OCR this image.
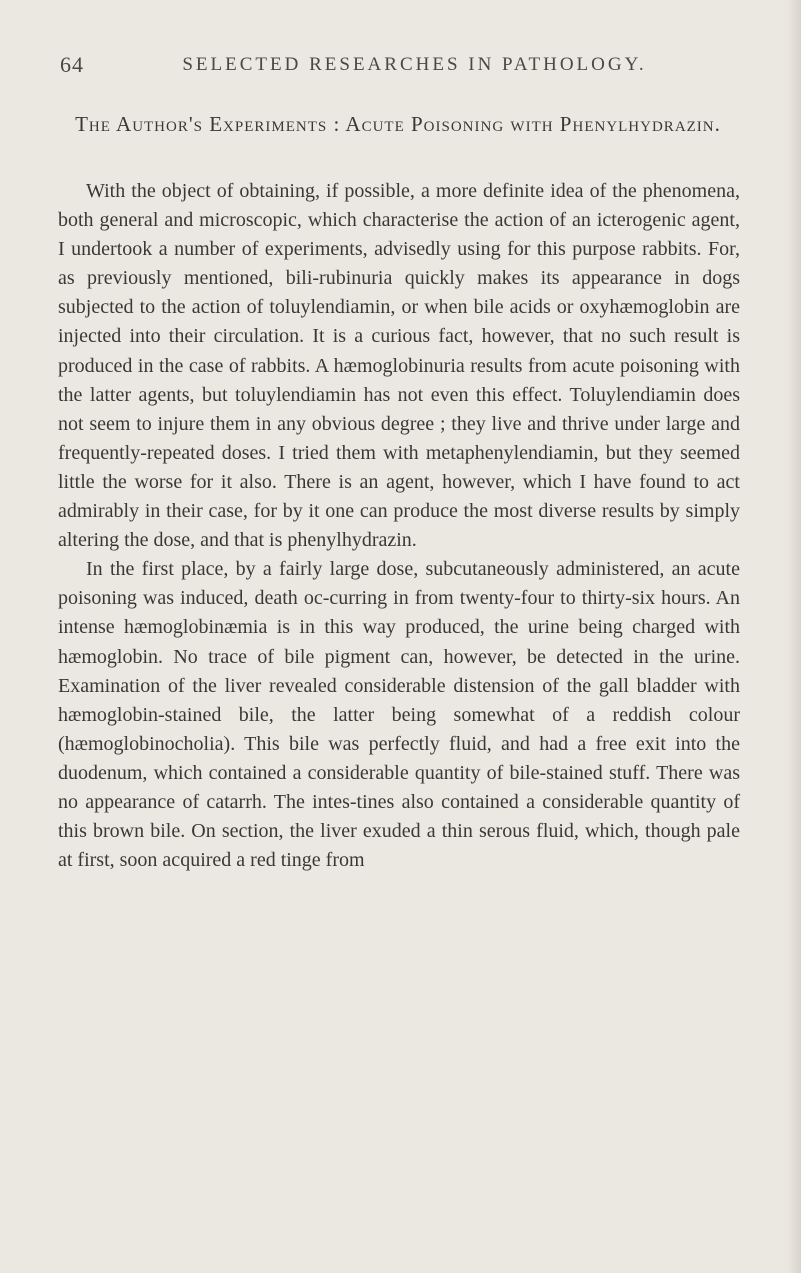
64	SELECTED RESEARCHES IN PATHOLOGY.
The Author's Experiments : Acute Poisoning with Phenylhydrazin.

With the object of obtaining, if possible, a more definite idea of the phenomena, both general and microscopic, which characterise the action of an icterogenic agent, I undertook a number of experiments, advisedly using for this purpose rabbits. For, as previously mentioned, bili-rubinuria quickly makes its appearance in dogs subjected to the action of toluylendiamin, or when bile acids or oxyhæmoglobin are injected into their circulation. It is a curious fact, however, that no such result is produced in the case of rabbits. A hæmoglobinuria results from acute poisoning with the latter agents, but toluylendiamin has not even this effect. Toluylendiamin does not seem to injure them in any obvious degree ; they live and thrive under large and frequently-repeated doses. I tried them with metaphenylendiamin, but they seemed little the worse for it also. There is an agent, however, which I have found to act admirably in their case, for by it one can produce the most diverse results by simply altering the dose, and that is phenylhydrazin.

In the first place, by a fairly large dose, subcutaneously administered, an acute poisoning was induced, death oc-curring in from twenty-four to thirty-six hours. An intense hæmoglobinæmia is in this way produced, the urine being charged with hæmoglobin. No trace of bile pigment can, however, be detected in the urine. Examination of the liver revealed considerable distension of the gall bladder with hæmoglobin-stained bile, the latter being somewhat of a reddish colour (hæmoglobinocholia). This bile was perfectly fluid, and had a free exit into the duodenum, which contained a considerable quantity of bile-stained stuff. There was no appearance of catarrh. The intes-tines also contained a considerable quantity of this brown bile. On section, the liver exuded a thin serous fluid, which, though pale at first, soon acquired a red tinge from
